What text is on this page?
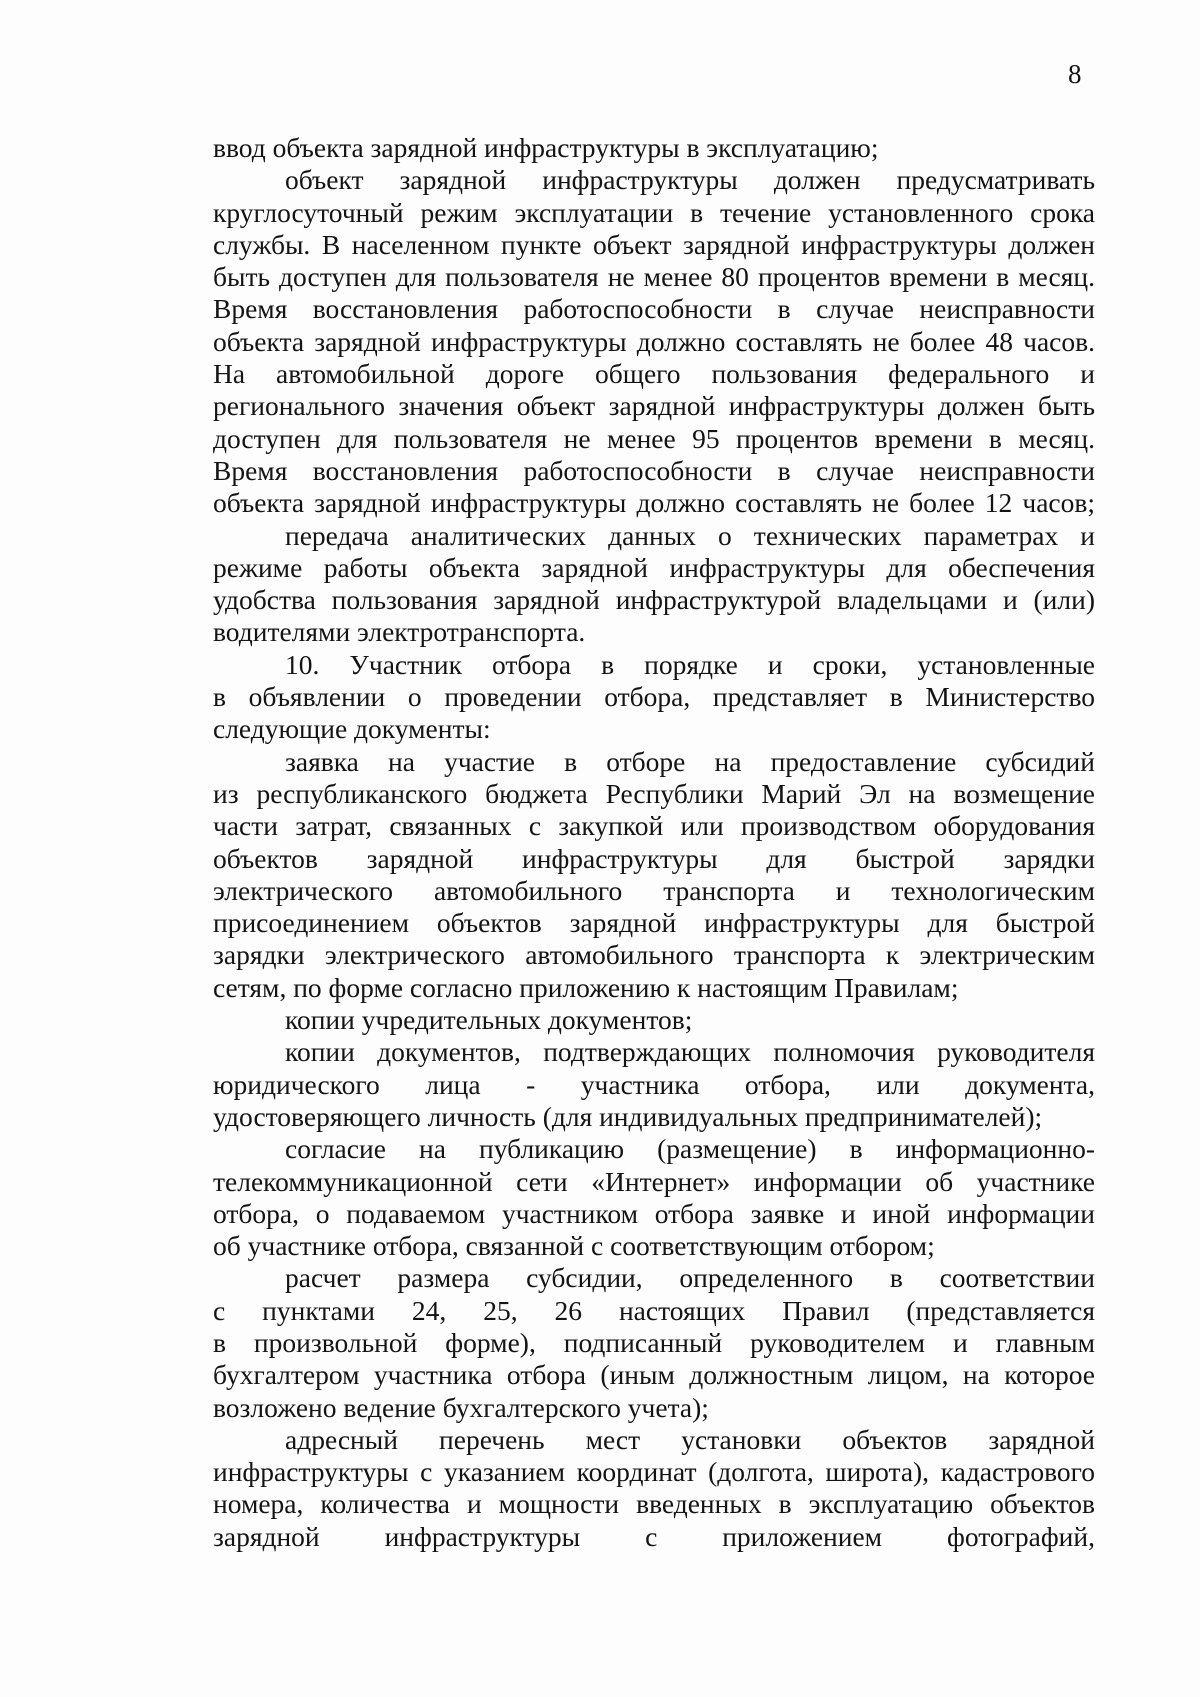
8
ввод объекта зарядной инфраструктуры в эксплуатацию;
объект зарядной инфраструктуры должен предусматривать
круглосуточный режим эксплуатации в течение установленного срока
службы. В населенном пункте объект зарядной инфраструктуры должен
быть доступен для пользователя не менее 80 процентов времени в месяц.
Время восстановления работоспособности в случае неисправности
объекта зарядной инфраструктуры должно составлять не более 48 часов.
На автомобильной дороге общего пользования федерального и
регионального значения объект зарядной инфраструктуры должен быть
доступен для пользователя не менее 95 процентов времени в месяц.
Время восстановления работоспособности в случае неисправности
объекта зарядной инфраструктуры должно составлять не более 12 часов;
передача аналитических данных о технических параметрах и
режиме работы объекта зарядной инфраструктуры для обеспечения
удобства пользования зарядной инфраструктурой владельцами и (или)
водителями электротранспорта.
10. Участник отбора в порядке и сроки, установленные
в объявлении о проведении отбора, представляет в Министерство
следующие документы:
заявка на участие в отборе на предоставление субсидий
из республиканского бюджета Республики Марий Эл на возмещение
части затрат, связанных с закупкой или производством оборудования
объектов зарядной инфраструктуры для быстрой зарядки
электрического автомобильного транспорта и технологическим
присоединением объектов зарядной инфраструктуры для быстрой
зарядки электрического автомобильного транспорта к электрическим
сетям, по форме согласно приложению к настоящим Правилам;
копии учредительных документов;
копии документов, подтверждающих полномочия руководителя
юридического лица - участника отбора, или документа,
удостоверяющего личность (для индивидуальных предпринимателей);
согласие на публикацию (размещение) в информационно-
телекоммуникационной сети «Интернет» информации об участнике
отбора, о подаваемом участником отбора заявке и иной информации
об участнике отбора, связанной с соответствующим отбором;
расчет размера субсидии, определенного в соответствии
с пунктами 24, 25, 26 настоящих Правил (представляется
в произвольной форме), подписанный руководителем и главным
бухгалтером участника отбора (иным должностным лицом, на которое
возложено ведение бухгалтерского учета);
адресный перечень мест установки объектов зарядной
инфраструктуры с указанием координат (долгота, широта), кадастрового
номера, количества и мощности введенных в эксплуатацию объектов
зарядной инфраструктуры с приложением фотографий,
